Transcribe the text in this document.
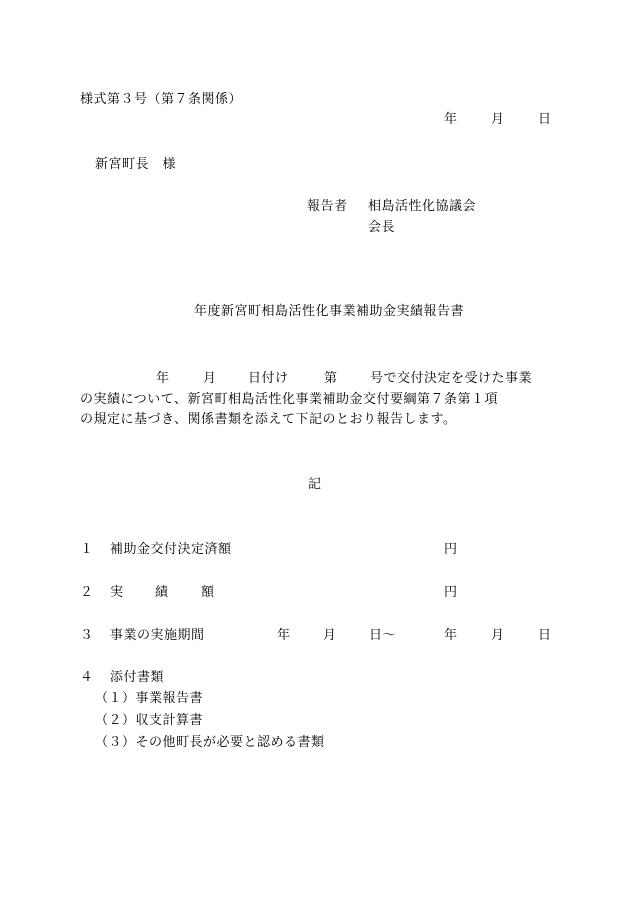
様式第３号（第７条関係）
年	月	日
新宮町長　様
報告者 相島活性化協議会
会長
年度新宮町相島活性化事業補助金実績報告書
年	月 日付け	第 号で交付決定を受けた事業
の実績について、新宮町相島活性化事業補助金交付要綱第７条第１項
の規定に基づき、関係書類を添えて下記のとおり報告します。
記
１ 補助金交付決定済額	円
２ 実 績 額	円
３ 事業の実施期間	年 月 日～	年	月	日
４ 添付書類
（１）事業報告書
（２）収支計算書
（３）その他町長が必要と認める書類
